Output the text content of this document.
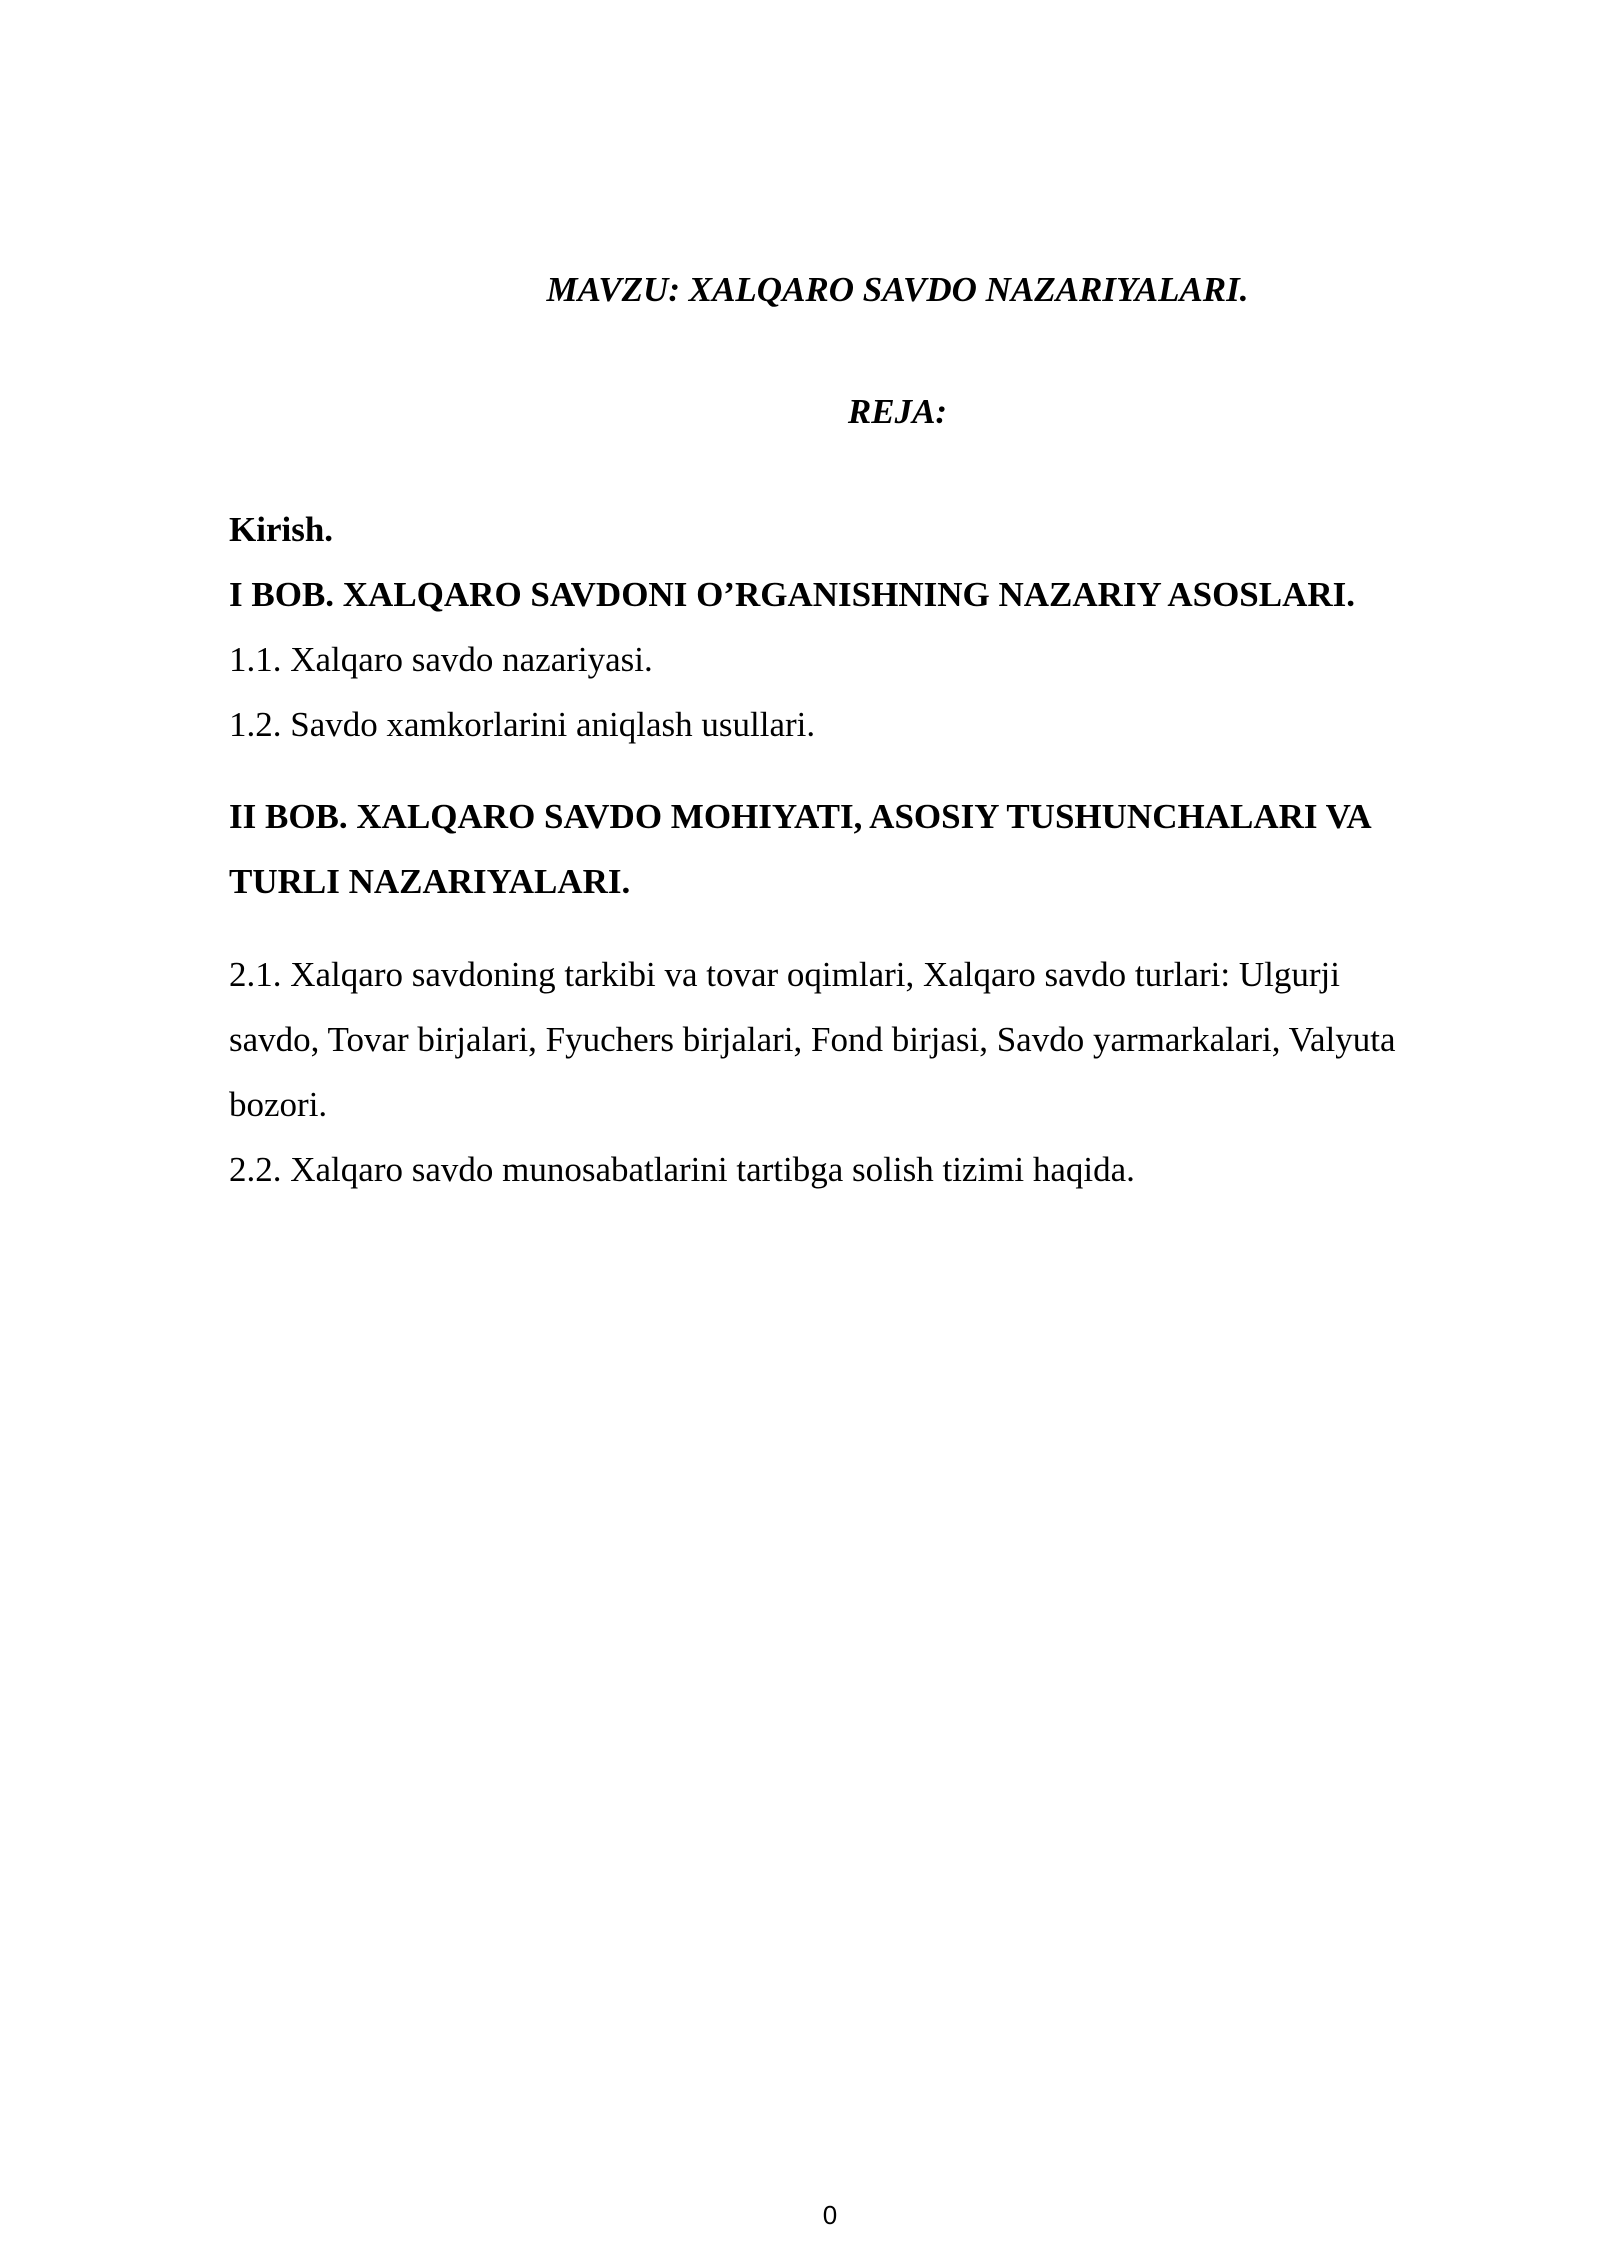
MAVZU: XALQARO SAVDO NAZARIYALARI.
REJA:
Kirish.
I BOB. XALQARO SAVDONI O’RGANISHNING NAZARIY ASOSLARI.
1.1. Xalqaro savdo nazariyasi.
1.2. Savdo xamkorlarini aniqlash usullari.
II BOB. XALQARO SAVDO MOHIYATI, ASOSIY TUSHUNCHALARI VA
TURLI NAZARIYALARI.
2.1. Xalqaro savdoning tarkibi va tovar oqimlari, Xalqaro savdo turlari: Ulgurji
savdo, Tovar birjalari, Fyuchers birjalari, Fond birjasi, Savdo yarmarkalari, Valyuta
bozori.
2.2. Xalqaro savdo munosabatlarini tartibga solish tizimi haqida.
0
